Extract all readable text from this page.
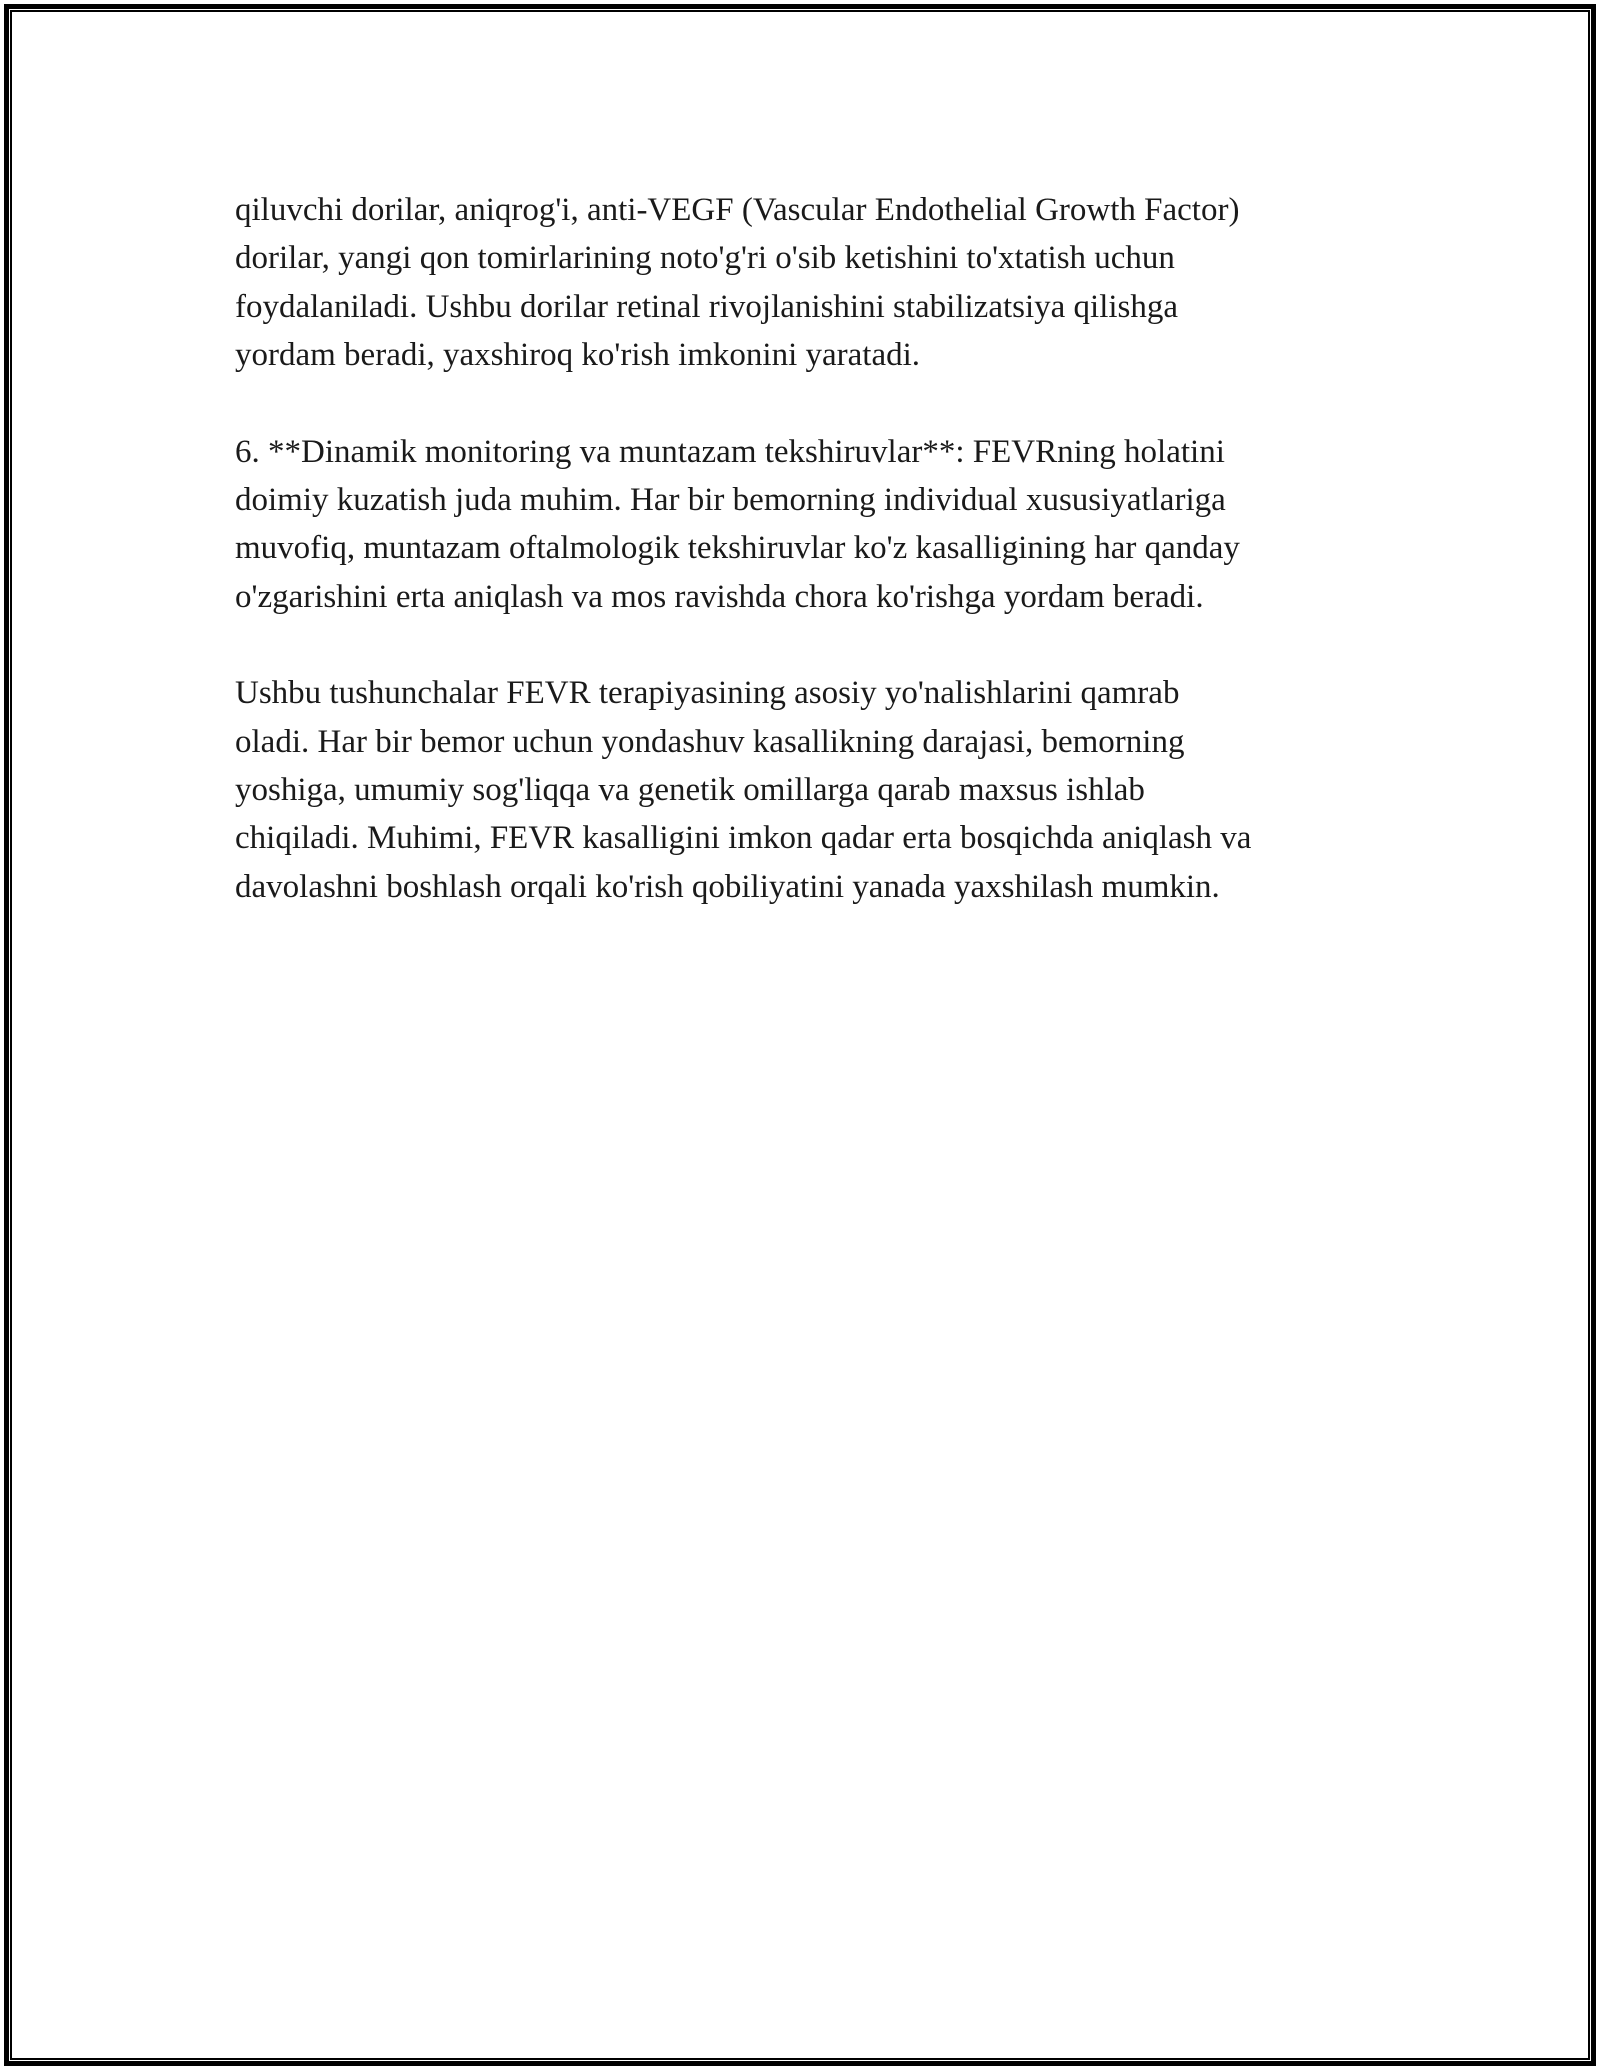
qiluvchi dorilar, aniqrog'i, anti-VEGF (Vascular Endothelial Growth Factor)
dorilar, yangi qon tomirlarining noto'g'ri o'sib ketishini to'xtatish uchun
foydalaniladi. Ushbu dorilar retinal rivojlanishini stabilizatsiya qilishga
yordam beradi, yaxshiroq ko'rish imkonini yaratadi.

6. **Dinamik monitoring va muntazam tekshiruvlar**: FEVRning holatini
doimiy kuzatish juda muhim. Har bir bemorning individual xususiyatlariga
muvofiq, muntazam oftalmologik tekshiruvlar ko'z kasalligining har qanday
o'zgarishini erta aniqlash va mos ravishda chora ko'rishga yordam beradi.

Ushbu tushunchalar FEVR terapiyasining asosiy yo'nalishlarini qamrab
oladi. Har bir bemor uchun yondashuv kasallikning darajasi, bemorning
yoshiga, umumiy sog'liqqa va genetik omillarga qarab maxsus ishlab
chiqiladi. Muhimi, FEVR kasalligini imkon qadar erta bosqichda aniqlash va
davolashni boshlash orqali ko'rish qobiliyatini yanada yaxshilash mumkin.
